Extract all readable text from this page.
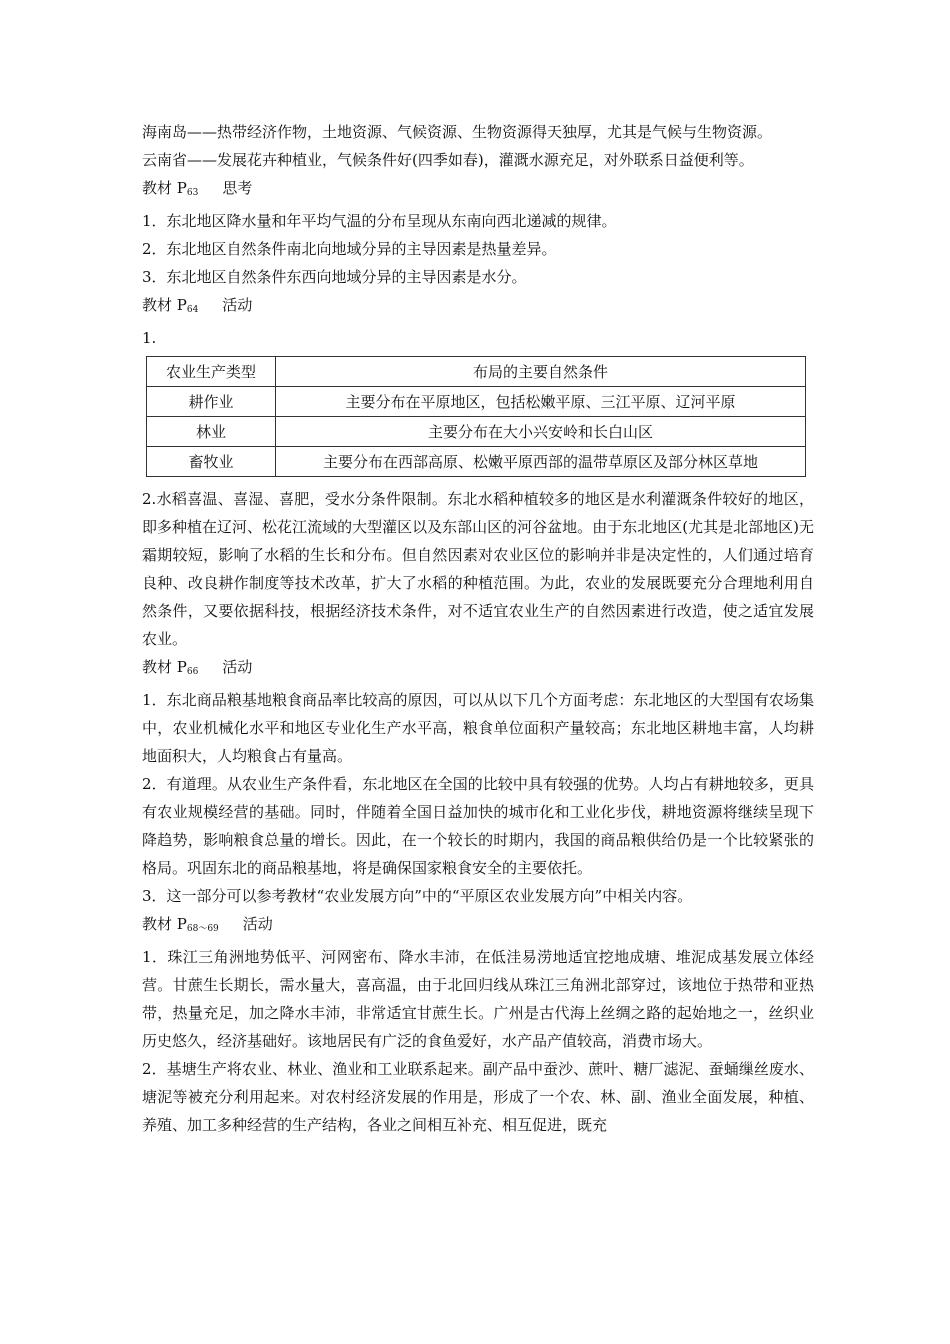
海南岛——热带经济作物，土地资源、气候资源、生物资源得天独厚，尤其是气候与生物资源。

云南省——发展花卉种植业，气候条件好(四季如春)，灌溉水源充足，对外联系日益便利等。

教材 $P_{63}$ 思考

1．东北地区降水量和年平均气温的分布呈现从东南向西北递减的规律。

2．东北地区自然条件南北向地域分异的主导因素是热量差异。

3．东北地区自然条件东西向地域分异的主导因素是水分。

教材 $P_{64}$ 活动

1.

农业生产类型	布局的主要自然条件
耕作业	主要分布在平原地区，包括松嫩平原、三江平原、辽河平原
林业	主要分布在大小兴安岭和长白山区
畜牧业	主要分布在西部高原、松嫩平原西部的温带草原区及部分林区草地

2.水稻喜温、喜湿、喜肥，受水分条件限制。东北水稻种植较多的地区是水利灌溉条件较好的地区，即多种植在辽河、松花江流域的大型灌区以及东部山区的河谷盆地。由于东北地区(尤其是北部地区)无霜期较短，影响了水稻的生长和分布。但自然因素对农业区位的影响并非是决定性的，人们通过培育良种、改良耕作制度等技术改革，扩大了水稻的种植范围。为此，农业的发展既要充分合理地利用自然条件，又要依据科技，根据经济技术条件，对不适宜农业生产的自然因素进行改造，使之适宜发展农业。

教材 $P_{66}$ 活动

1．东北商品粮基地粮食商品率比较高的原因，可以从以下几个方面考虑：东北地区的大型国有农场集中，农业机械化水平和地区专业化生产水平高，粮食单位面积产量较高；东北地区耕地丰富，人均耕地面积大，人均粮食占有量高。

2．有道理。从农业生产条件看，东北地区在全国的比较中具有较强的优势。人均占有耕地较多，更具有农业规模经营的基础。同时，伴随着全国日益加快的城市化和工业化步伐，耕地资源将继续呈现下降趋势，影响粮食总量的增长。因此，在一个较长的时期内，我国的商品粮供给仍是一个比较紧张的格局。巩固东北的商品粮基地，将是确保国家粮食安全的主要依托。

3．这一部分可以参考教材“农业发展方向”中的“平原区农业发展方向”中相关内容。

教材 $P_{68\sim 69}$ 活动

1．珠江三角洲地势低平、河网密布、降水丰沛，在低洼易涝地适宜挖地成塘、堆泥成基发展立体经营。甘蔗生长期长，需水量大，喜高温，由于北回归线从珠江三角洲北部穿过，该地位于热带和亚热带，热量充足，加之降水丰沛，非常适宜甘蔗生长。广州是古代海上丝绸之路的起始地之一，丝织业历史悠久，经济基础好。该地居民有广泛的食鱼爱好，水产品产值较高，消费市场大。

2．基塘生产将农业、林业、渔业和工业联系起来。副产品中蚕沙、蔗叶、糖厂滤泥、蚕蛹缫丝废水、塘泥等被充分利用起来。对农村经济发展的作用是，形成了一个农、林、副、渔业全面发展，种植、养殖、加工多种经营的生产结构，各业之间相互补充、相互促进，既充
